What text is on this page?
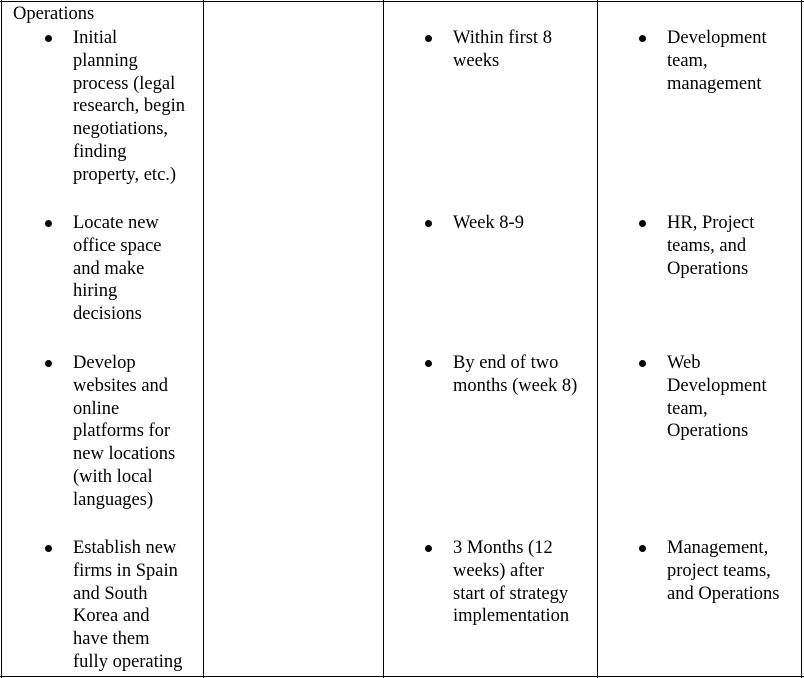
Operations
Initial
planning
process (legal
research, begin
negotiations,
finding
property, etc.)
Within first 8
weeks
Development
team,
management
Locate new
office space
and make
hiring
decisions
Week 8-9	HR, Project
teams, and
Operations
Develop
websites and
online
platforms for
new locations
(with local
languages)
By end of two
months (week 8)
Web
Development
team,
Operations
Establish new
firms in Spain
and South
Korea and
have them
fully operating
3 Months (12
weeks) after
start of strategy
implementation
Management,
project teams,
and Operations
